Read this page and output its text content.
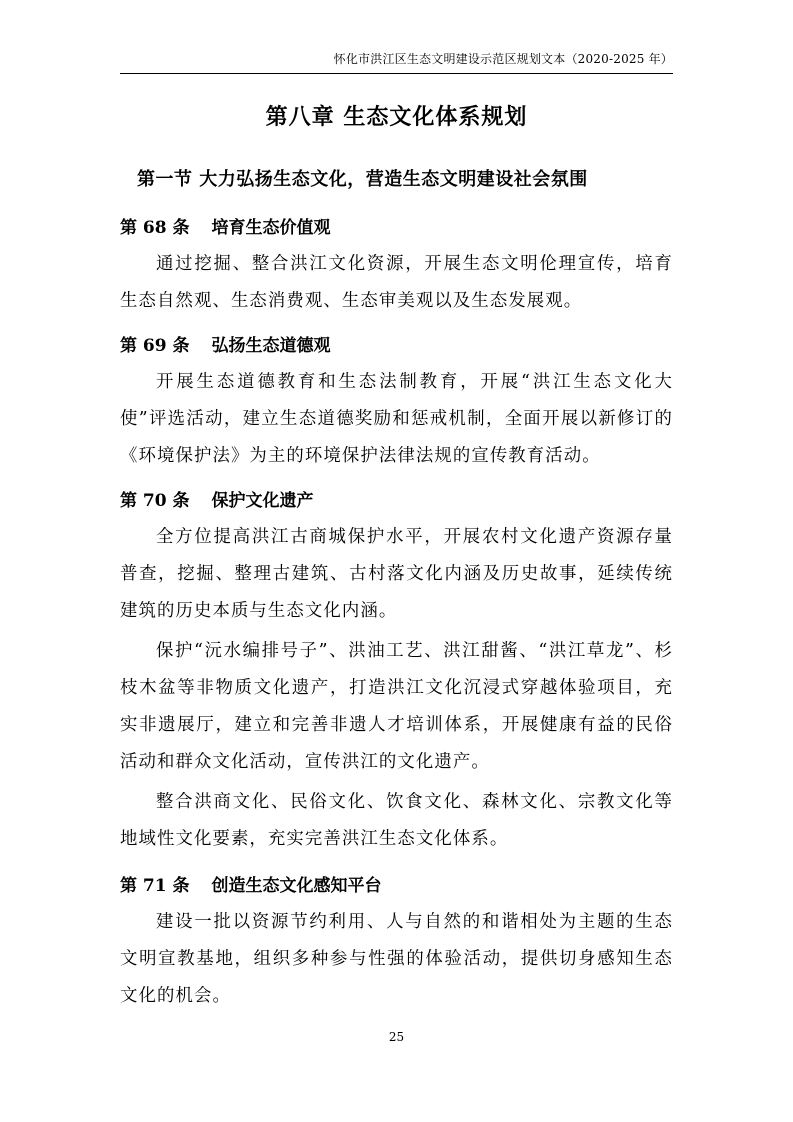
怀化市洪江区生态文明建设示范区规划文本（2020-2025 年）
第八章 生态文化体系规划
第一节 大力弘扬生态文化，营造生态文明建设社会氛围
第 68 条 培育生态价值观

通过挖掘、整合洪江文化资源，开展生态文明伦理宣传，培育生态自然观、生态消费观、生态审美观以及生态发展观。

第 69 条 弘扬生态道德观

开展生态道德教育和生态法制教育，开展“洪江生态文化大使”评选活动，建立生态道德奖励和惩戒机制，全面开展以新修订的《环境保护法》为主的环境保护法律法规的宣传教育活动。

第 70 条 保护文化遗产

全方位提高洪江古商城保护水平，开展农村文化遗产资源存量普查，挖掘、整理古建筑、古村落文化内涵及历史故事，延续传统建筑的历史本质与生态文化内涵。

保护“沅水编排号子”、洪油工艺、洪江甜酱、“洪江草龙”、杉枝木盆等非物质文化遗产，打造洪江文化沉浸式穿越体验项目，充实非遗展厅，建立和完善非遗人才培训体系，开展健康有益的民俗活动和群众文化活动，宣传洪江的文化遗产。

整合洪商文化、民俗文化、饮食文化、森林文化、宗教文化等地域性文化要素，充实完善洪江生态文化体系。

第 71 条 创造生态文化感知平台

建设一批以资源节约利用、人与自然的和谐相处为主题的生态文明宣教基地，组织多种参与性强的体验活动，提供切身感知生态文化的机会。

25
